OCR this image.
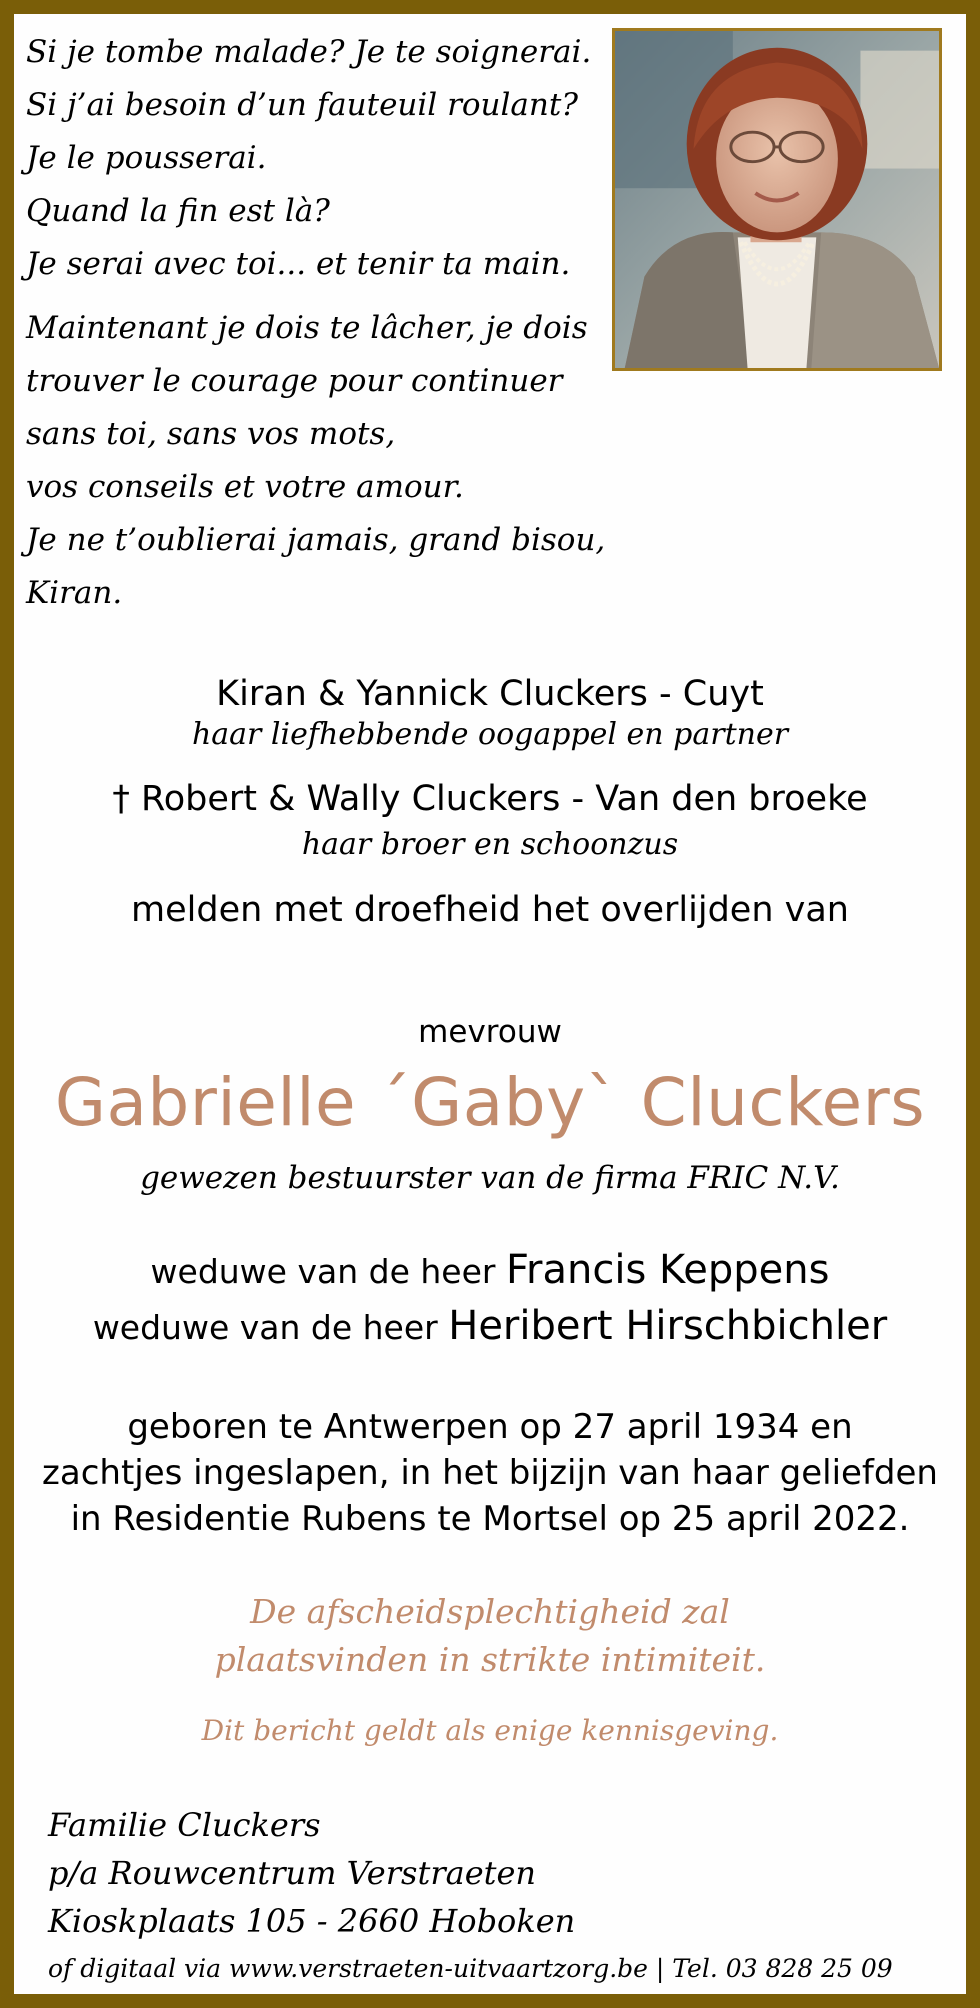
Si je tombe malade? Je te soignerai.

Si j’ai besoin d’un fauteuil roulant?

Je le pousserai.

Quand la fin est là?

Je serai avec toi... et tenir ta main.

Maintenant je dois te lâcher, je dois

trouver le courage pour continuer

sans toi, sans vos mots,

vos conseils et votre amour.

Je ne t’oublierai jamais, grand bisou, Kiran.

Kiran & Yannick Cluckers - Cuyt
haar liefhebbende oogappel en partner
† Robert & Wally Cluckers - Van den broeke
haar broer en schoonzus
melden met droefheid het overlijden van
mevrouw
Gabrielle ´Gaby` Cluckers
gewezen bestuurster van de firma FRIC N.V.
weduwe van de heer Francis Keppens
weduwe van de heer Heribert Hirschbichler
geboren te Antwerpen op 27 april 1934 en
zachtjes ingeslapen, in het bijzijn van haar geliefden
in Residentie Rubens te Mortsel op 25 april 2022.
De afscheidsplechtigheid zal
plaatsvinden in strikte intimiteit.
Dit bericht geldt als enige kennisgeving.
Familie Cluckers
p/a Rouwcentrum Verstraeten
Kioskplaats 105 - 2660 Hoboken
of digitaal via www.verstraeten-uitvaartzorg.be | Tel. 03 828 25 09
